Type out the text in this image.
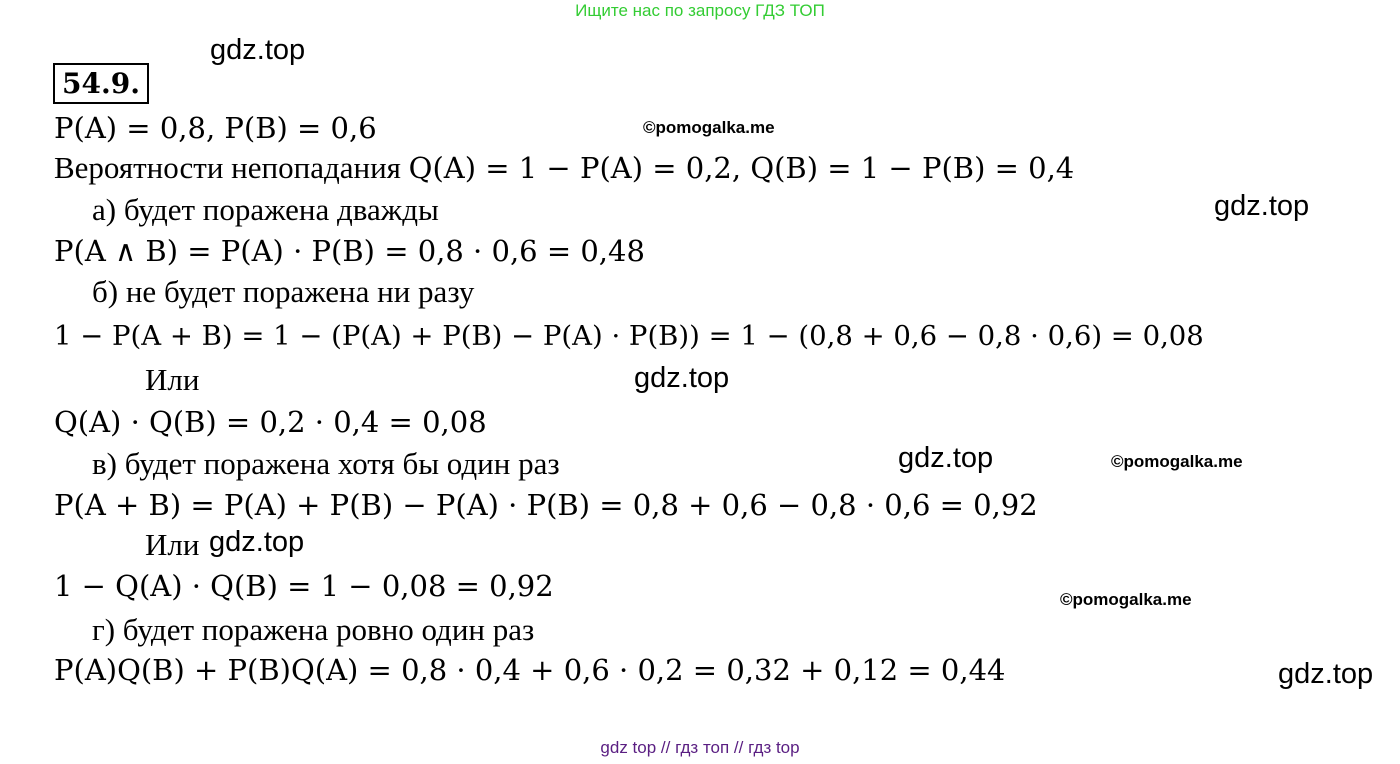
Ищите нас по запросу ГДЗ ТОП
gdz.top
54.9.
P(A) = 0,8, P(B) = 0,6	©pomogalka.me
Вероятности непопадания Q(A) = 1 − P(A) = 0,2, Q(B) = 1 − P(B) = 0,4
а) будет поражена дважды	gdz.top
P(A ∧ B) = P(A) · P(B) = 0,8 · 0,6 = 0,48
б) не будет поражена ни разу
1 − P(A + B) = 1 − (P(A) + P(B) − P(A) · P(B)) = 1 − (0,8 + 0,6 − 0,8 · 0,6) = 0,08
Или	gdz.top
Q(A) · Q(B) = 0,2 · 0,4 = 0,08
в) будет поражена хотя бы один раз	gdz.top	©pomogalka.me
P(A + B) = P(A) + P(B) − P(A) · P(B) = 0,8 + 0,6 − 0,8 · 0,6 = 0,92
Или gdz.top
1 − Q(A) · Q(B) = 1 − 0,08 = 0,92	©pomogalka.me
г) будет поражена ровно один раз
P(A)Q(B) + P(B)Q(A) = 0,8 · 0,4 + 0,6 · 0,2 = 0,32 + 0,12 = 0,44	gdz.top
gdz top // гдз топ // гдз top
